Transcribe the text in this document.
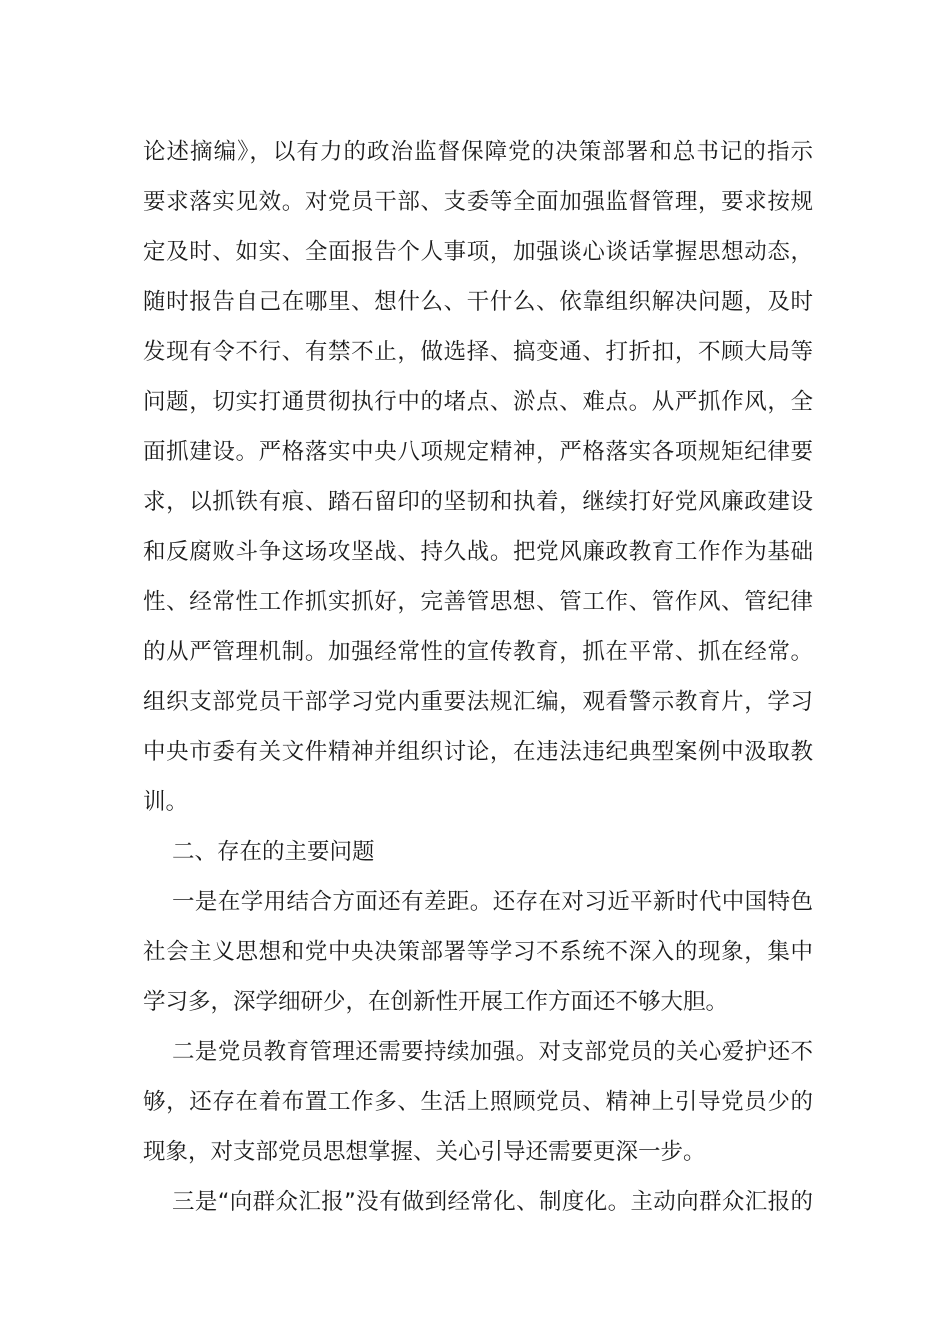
论述摘编》，以有力的政治监督保障党的决策部署和总书记的指示
要求落实见效。对党员干部、支委等全面加强监督管理，要求按规
定及时、如实、全面报告个人事项，加强谈心谈话掌握思想动态，
随时报告自己在哪里、想什么、干什么、依靠组织解决问题，及时
发现有令不行、有禁不止，做选择、搞变通、打折扣，不顾大局等
问题，切实打通贯彻执行中的堵点、淤点、难点。从严抓作风，全
面抓建设。严格落实中央八项规定精神，严格落实各项规矩纪律要
求，以抓铁有痕、踏石留印的坚韧和执着，继续打好党风廉政建设
和反腐败斗争这场攻坚战、持久战。把党风廉政教育工作作为基础
性、经常性工作抓实抓好，完善管思想、管工作、管作风、管纪律
的从严管理机制。加强经常性的宣传教育，抓在平常、抓在经常。
组织支部党员干部学习党内重要法规汇编，观看警示教育片，学习
中央市委有关文件精神并组织讨论，在违法违纪典型案例中汲取教
训。
二、存在的主要问题
一是在学用结合方面还有差距。还存在对习近平新时代中国特色
社会主义思想和党中央决策部署等学习不系统不深入的现象，集中
学习多，深学细研少，在创新性开展工作方面还不够大胆。
二是党员教育管理还需要持续加强。对支部党员的关心爱护还不
够，还存在着布置工作多、生活上照顾党员、精神上引导党员少的
现象，对支部党员思想掌握、关心引导还需要更深一步。
三是“向群众汇报”没有做到经常化、制度化。主动向群众汇报的
